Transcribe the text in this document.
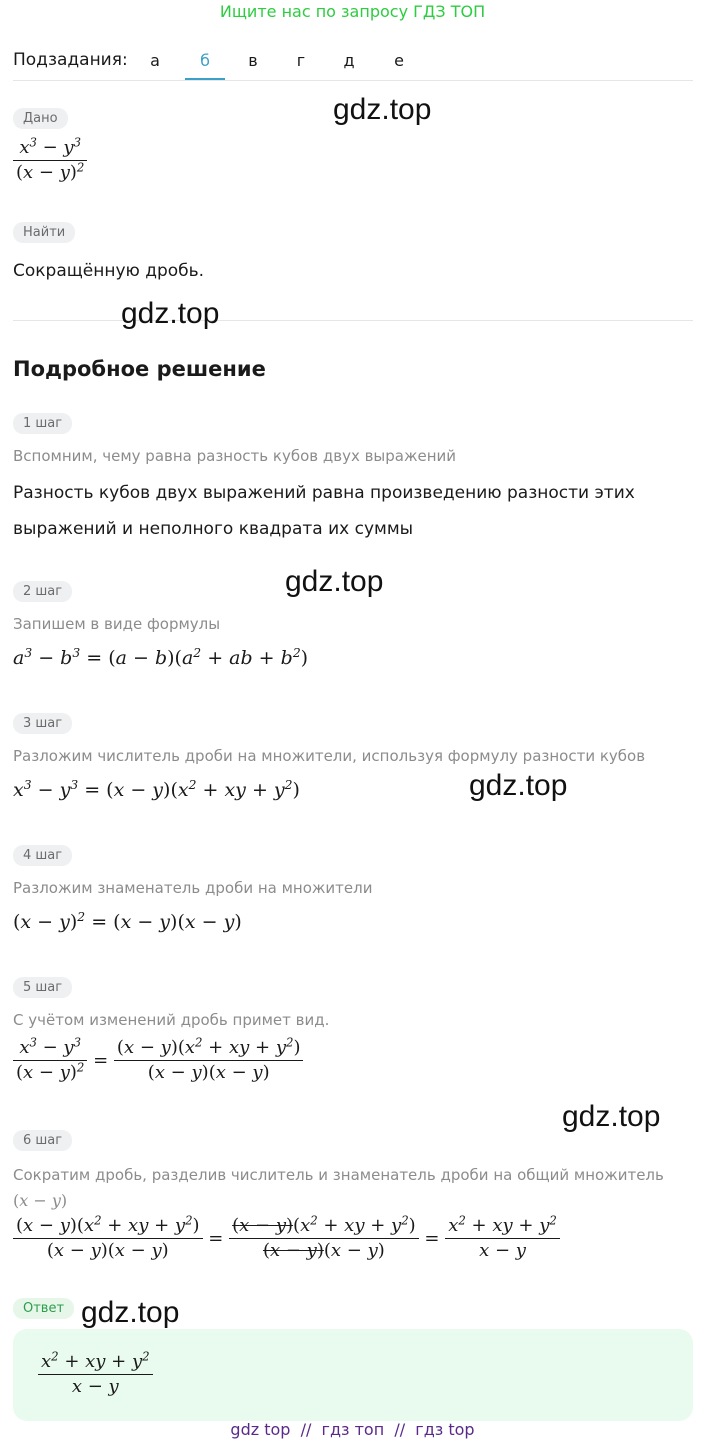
Ищите нас по запросу ГДЗ ТОП
Подзадания:	а	б	в	г	д	е
Дано
$\frac{x^3 - y^3}{(x - y)^2}$
Найти
Сокращённую дробь.
Подробное решение
1 шаг
Вспомним, чему равна разность кубов двух выражений
Разность кубов двух выражений равна произведению разности этих
выражений и неполного квадрата их суммы
2 шаг
Запишем в виде формулы
$a^3 - b^3 = (a - b)(a^2$ + ab + $b^2$)
3 шаг
Разложим числитель дроби на множители, используя формулу разности кубов
$x^3 - y^3 = (x - y)(x^2$ + xy + $y^2$)
4 шаг
Разложим знаменатель дроби на множители
$(x - y)^2 = (x - y)(x - y)$
5 шаг
С учётом изменений дробь примет вид.
$\frac{x^3 - y^3}{(x - y)^2} = \frac{(x - y)(x^2 + xy + y^2)}{(x - y)(x - y)}$
6 шаг
Сократим дробь, разделив числитель и знаменатель дроби на общий множитель (x − y)
$\frac{(x - y)(x^2 + xy + y^2)}{(x - y)(x - y)} = \frac{(x - y)(x^2 + xy + y^2)}{(x - y)(x - y)} = \frac{x^2 + xy + y^2}{x - y}$
Ответ
$\frac{x^2 + xy + y^2}{x - y}$
gdz.top
gdz.top
gdz.top
gdz.top
gdz.top
gdz.top
gdz top  //  гдз топ  //  гдз top
